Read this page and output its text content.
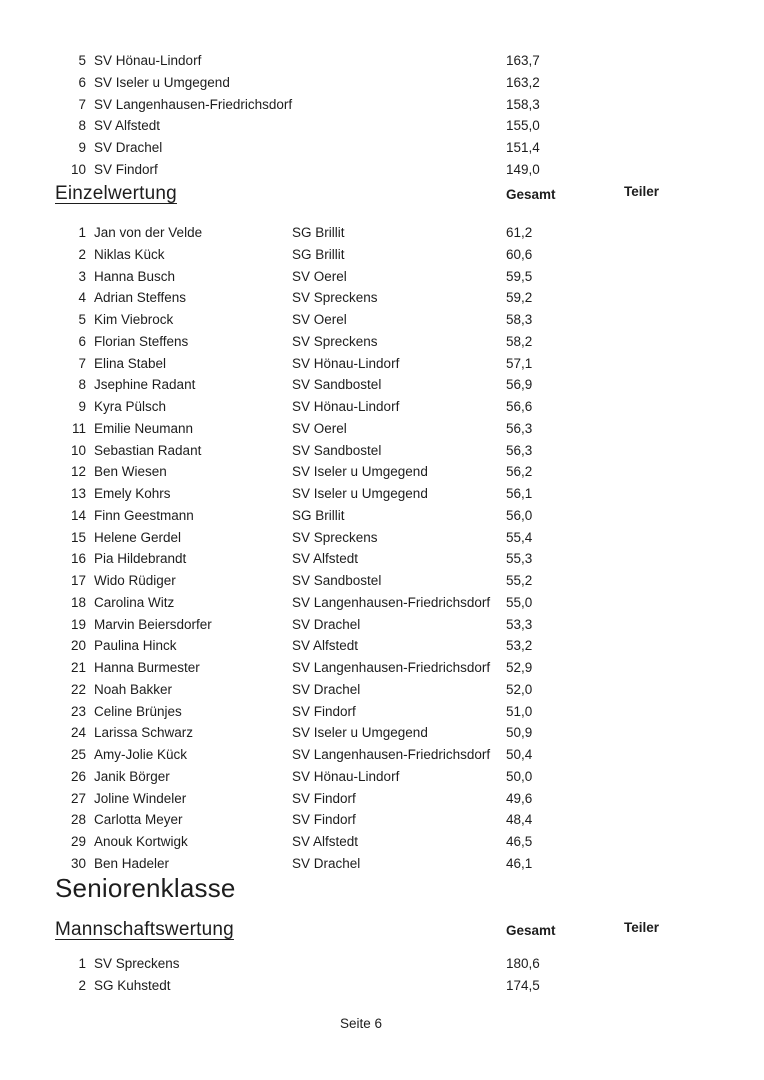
5 SV Hönau-Lindorf	163,7
6 SV Iseler u Umgegend	163,2
7 SV Langenhausen-Friedrichsdorf	158,3
8 SV Alfstedt	155,0
9 SV Drachel	151,4
10 SV Findorf	149,0
Einzelwertung	Gesamt	Teiler
1 Jan von der Velde	SG Brillit	61,2
2 Niklas Kück	SG Brillit	60,6
3 Hanna Busch	SV Oerel	59,5
4 Adrian Steffens	SV Spreckens	59,2
5 Kim Viebrock	SV Oerel	58,3
6 Florian Steffens	SV Spreckens	58,2
7 Elina Stabel	SV Hönau-Lindorf	57,1
8 Jsephine Radant	SV Sandbostel	56,9
9 Kyra Pülsch	SV Hönau-Lindorf	56,6
11 Emilie Neumann	SV Oerel	56,3
10 Sebastian Radant	SV Sandbostel	56,3
12 Ben Wiesen	SV Iseler u Umgegend	56,2
13 Emely Kohrs	SV Iseler u Umgegend	56,1
14 Finn Geestmann	SG Brillit	56,0
15 Helene Gerdel	SV Spreckens	55,4
16 Pia Hildebrandt	SV Alfstedt	55,3
17 Wido Rüdiger	SV Sandbostel	55,2
18 Carolina Witz	SV Langenhausen-Friedrichsdorf	55,0
19 Marvin Beiersdorfer	SV Drachel	53,3
20 Paulina Hinck	SV Alfstedt	53,2
21 Hanna Burmester	SV Langenhausen-Friedrichsdorf	52,9
22 Noah Bakker	SV Drachel	52,0
23 Celine Brünjes	SV Findorf	51,0
24 Larissa Schwarz	SV Iseler u Umgegend	50,9
25 Amy-Jolie Kück	SV Langenhausen-Friedrichsdorf	50,4
26 Janik Börger	SV Hönau-Lindorf	50,0
27 Joline Windeler	SV Findorf	49,6
28 Carlotta Meyer	SV Findorf	48,4
29 Anouk Kortwigk	SV Alfstedt	46,5
30 Ben Hadeler	SV Drachel	46,1
Seniorenklasse
Mannschaftswertung	Gesamt	Teiler
1 SV Spreckens	180,6
2 SG Kuhstedt	174,5
Seite 6
